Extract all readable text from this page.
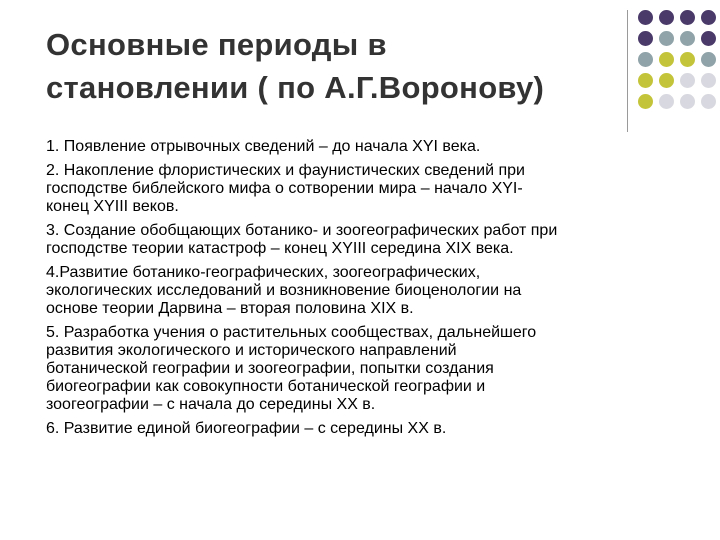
Основные периоды в
становлении ( по А.Г.Воронову)
1. Появление отрывочных сведений – до начала XYI века.
2. Накопление флористических и фаунистических сведений при
господстве библейского мифа о сотворении мира – начало XYI-
конец XYIII веков.
3. Создание обобщающих ботанико- и зоогеографических работ при
господстве теории катастроф – конец XYIII середина XIX века.
4.Развитие ботанико-географических, зоогеографических,
экологических исследований и возникновение биоценологии на
основе теории Дарвина – вторая половина XIX в.
5. Разработка учения о растительных сообществах, дальнейшего
развития экологического и исторического направлений
ботанической географии и зоогеографии, попытки создания
биогеографии как совокупности ботанической географии и
зоогеографии – с начала до середины XX в.
6. Развитие единой биогеографии – с середины XX в.
